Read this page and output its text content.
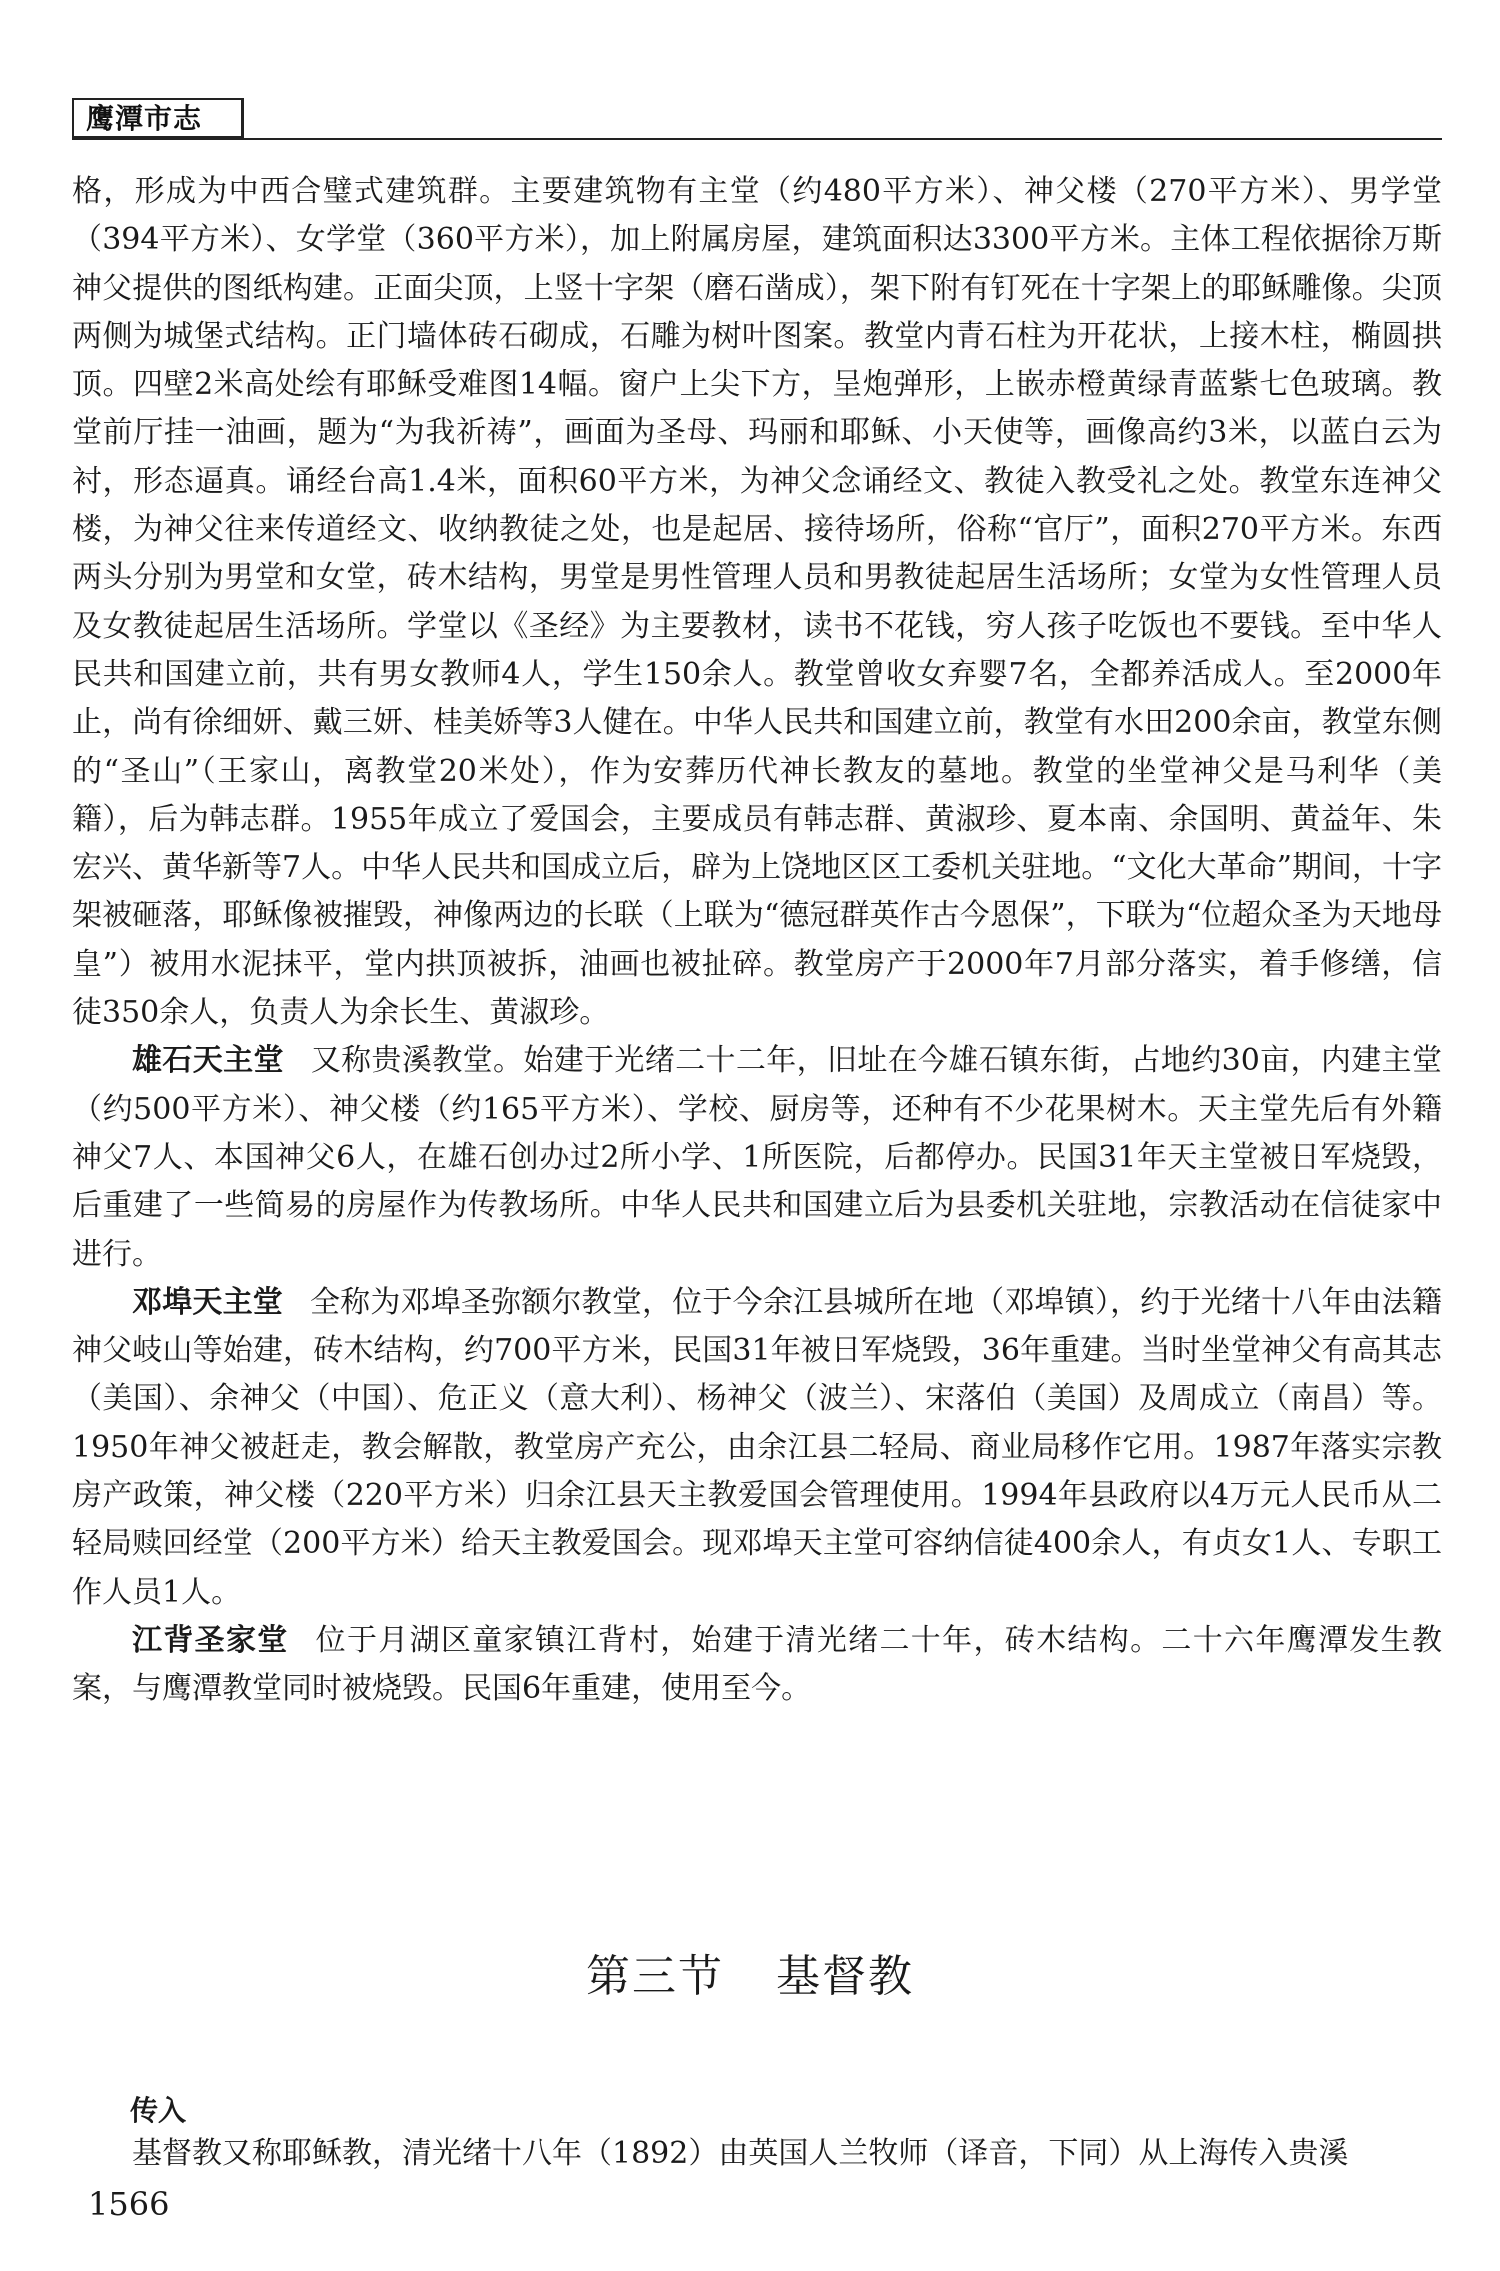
鹰潭市志

格，形成为中西合璧式建筑群。主要建筑物有主堂（约480平方米）、神父楼（270平方米）、男学堂（394平方米）、女学堂（360平方米），加上附属房屋，建筑面积达3300平方米。主体工程依据徐万斯神父提供的图纸构建。正面尖顶，上竖十字架（磨石凿成），架下附有钉死在十字架上的耶稣雕像。尖顶两侧为城堡式结构。正门墙体砖石砌成，石雕为树叶图案。教堂内青石柱为开花状，上接木柱，椭圆拱顶。四壁2米高处绘有耶稣受难图14幅。窗户上尖下方，呈炮弹形，上嵌赤橙黄绿青蓝紫七色玻璃。教堂前厅挂一油画，题为“为我祈祷”，画面为圣母、玛丽和耶稣、小天使等，画像高约3米，以蓝白云为衬，形态逼真。诵经台高1.4米，面积60平方米，为神父念诵经文、教徒入教受礼之处。教堂东连神父楼，为神父往来传道经文、收纳教徒之处，也是起居、接待场所，俗称“官厅”，面积270平方米。东西两头分别为男堂和女堂，砖木结构，男堂是男性管理人员和男教徒起居生活场所；女堂为女性管理人员及女教徒起居生活场所。学堂以《圣经》为主要教材，读书不花钱，穷人孩子吃饭也不要钱。至中华人民共和国建立前，共有男女教师4人，学生150余人。教堂曾收女弃婴7名，全都养活成人。至2000年止，尚有徐细妍、戴三妍、桂美娇等3人健在。中华人民共和国建立前，教堂有水田200余亩，教堂东侧的“圣山”（王家山，离教堂20米处），作为安葬历代神长教友的墓地。教堂的坐堂神父是马利华（美籍），后为韩志群。1955年成立了爱国会，主要成员有韩志群、黄淑珍、夏本南、余国明、黄益年、朱宏兴、黄华新等7人。中华人民共和国成立后，辟为上饶地区区工委机关驻地。“文化大革命”期间，十字架被砸落，耶稣像被摧毁，神像两边的长联（上联为“德冠群英作古今恩保”，下联为“位超众圣为天地母皇”）被用水泥抹平，堂内拱顶被拆，油画也被扯碎。教堂房产于2000年7月部分落实，着手修缮，信徒350余人，负责人为余长生、黄淑珍。

雄石天主堂 又称贵溪教堂。始建于光绪二十二年，旧址在今雄石镇东街，占地约30亩，内建主堂（约500平方米）、神父楼（约165平方米）、学校、厨房等，还种有不少花果树木。天主堂先后有外籍神父7人、本国神父6人，在雄石创办过2所小学、1所医院，后都停办。民国31年天主堂被日军烧毁，后重建了一些简易的房屋作为传教场所。中华人民共和国建立后为县委机关驻地，宗教活动在信徒家中进行。

邓埠天主堂 全称为邓埠圣弥额尔教堂，位于今余江县城所在地（邓埠镇），约于光绪十八年由法籍神父岐山等始建，砖木结构，约700平方米，民国31年被日军烧毁，36年重建。当时坐堂神父有高其志（美国）、余神父（中国）、危正义（意大利）、杨神父（波兰）、宋落伯（美国）及周成立（南昌）等。1950年神父被赶走，教会解散，教堂房产充公，由余江县二轻局、商业局移作它用。1987年落实宗教房产政策，神父楼（220平方米）归余江县天主教爱国会管理使用。1994年县政府以4万元人民币从二轻局赎回经堂（200平方米）给天主教爱国会。现邓埠天主堂可容纳信徒400余人，有贞女1人、专职工作人员1人。

江背圣家堂 位于月湖区童家镇江背村，始建于清光绪二十年，砖木结构。二十六年鹰潭发生教案，与鹰潭教堂同时被烧毁。民国6年重建，使用至今。

第三节 基督教
传入
基督教又称耶稣教，清光绪十八年（1892）由英国人兰牧师（译音，下同）从上海传入贵溪
1566
